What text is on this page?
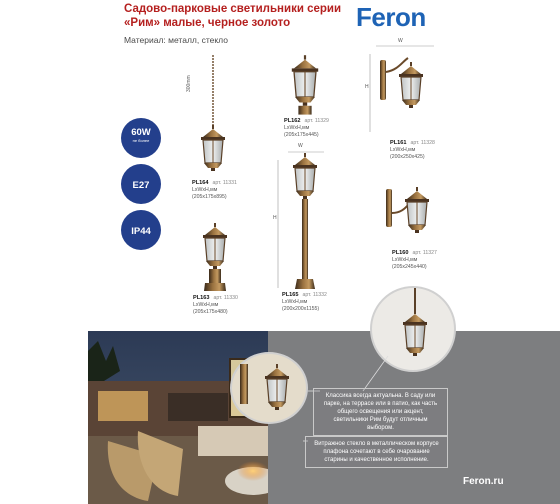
Садово-парковые светильники серии «Рим» малые, черное золото
Материал: металл, стекло
Feron
60W
не более
E27
IP44
300mm
PL164 арт. 11331
LxWxH,мм
(205х175х895)
PL162 арт. 11329
LxWxH,мм
(205х175х445)
W
H
PL161 арт. 11328
LxWxH,мм
(200х250х425)
W
H
PL165 арт. 11332
LxWxH,мм
(200х200х1155)
PL160 арт. 11327
LxWxH,мм
(205х245х440)
PL163 арт. 11330
LxWxH,мм
(205х175х480)
Классика всегда актуальна. В саду или парке, на террасе или в патио, как часть общего освещения или акцент, светильники Рим будут отличным выбором.
Витражное стекло в металлическом корпусе плафона сочетают в себе очарование старины и качественное исполнение.
Feron.ru
